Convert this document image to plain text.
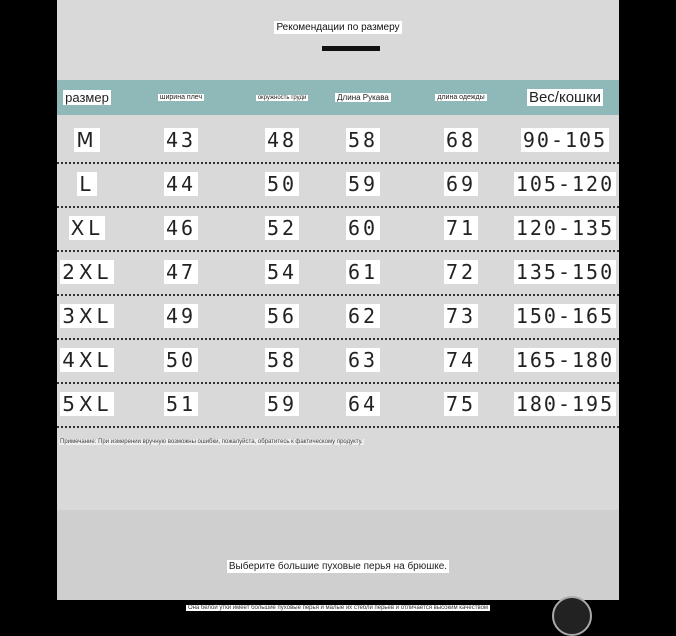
Рекомендации по размеру
размер	ширина плеч	окружность груди	Длина Рукава	длина одежды	Вес/кошки
M	43	48	58	68 90-105
L	44	50	59	69 105-120
XL	46	52	60	71 120-135
2XL	47	54	61	72 135-150
3XL	49	56	62	73 150-165
4XL	50	58	63	74 165-180
5XL	51	59	64	75 180-195
Примечание: При измерении вручную возможны ошибки, пожалуйста, обратитесь к фактическому продукту.
Выберите большие пуховые перья на брюшке.
Она белой утки имеет большие пуховые перья и малые их стебли перьев и отличается высоким качеством
